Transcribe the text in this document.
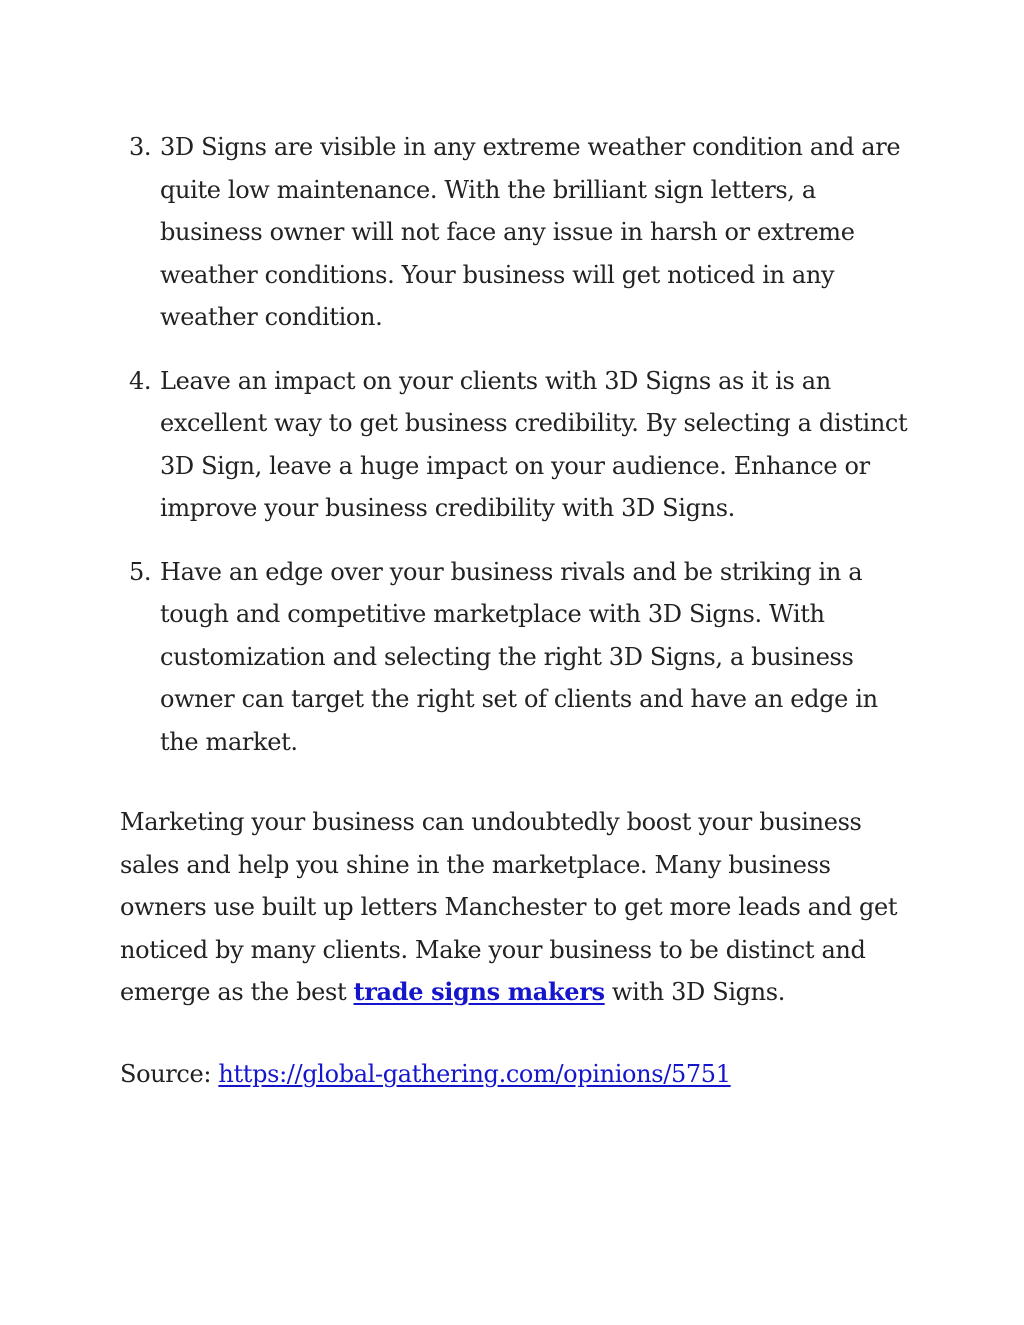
3. 3D Signs are visible in any extreme weather condition and are quite low maintenance. With the brilliant sign letters, a business owner will not face any issue in harsh or extreme weather conditions. Your business will get noticed in any weather condition.
4. Leave an impact on your clients with 3D Signs as it is an excellent way to get business credibility. By selecting a distinct 3D Sign, leave a huge impact on your audience. Enhance or improve your business credibility with 3D Signs.
5. Have an edge over your business rivals and be striking in a tough and competitive marketplace with 3D Signs. With customization and selecting the right 3D Signs, a business owner can target the right set of clients and have an edge in the market.

Marketing your business can undoubtedly boost your business sales and help you shine in the marketplace. Many business owners use built up letters Manchester to get more leads and get noticed by many clients. Make your business to be distinct and emerge as the best trade signs makers with 3D Signs.

Source: https://global-gathering.com/opinions/5751
